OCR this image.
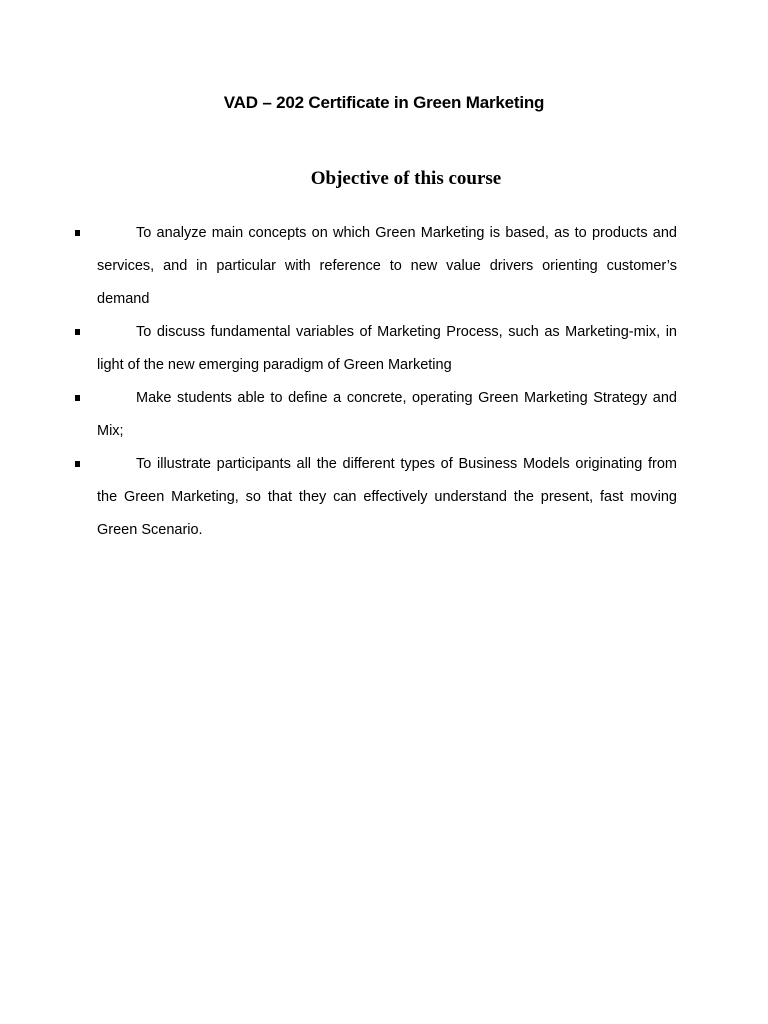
VAD – 202 Certificate in Green Marketing
Objective of this course
To analyze main concepts on which Green Marketing is based, as to products and services, and in particular with reference to new value drivers orienting customer’s demand
To discuss fundamental variables of Marketing Process, such as Marketing-mix, in light of the new emerging paradigm of Green Marketing
Make students able to define a concrete, operating Green Marketing Strategy and Mix;
To illustrate participants all the different types of Business Models originating from the Green Marketing, so that they can effectively understand the present, fast moving Green Scenario.
